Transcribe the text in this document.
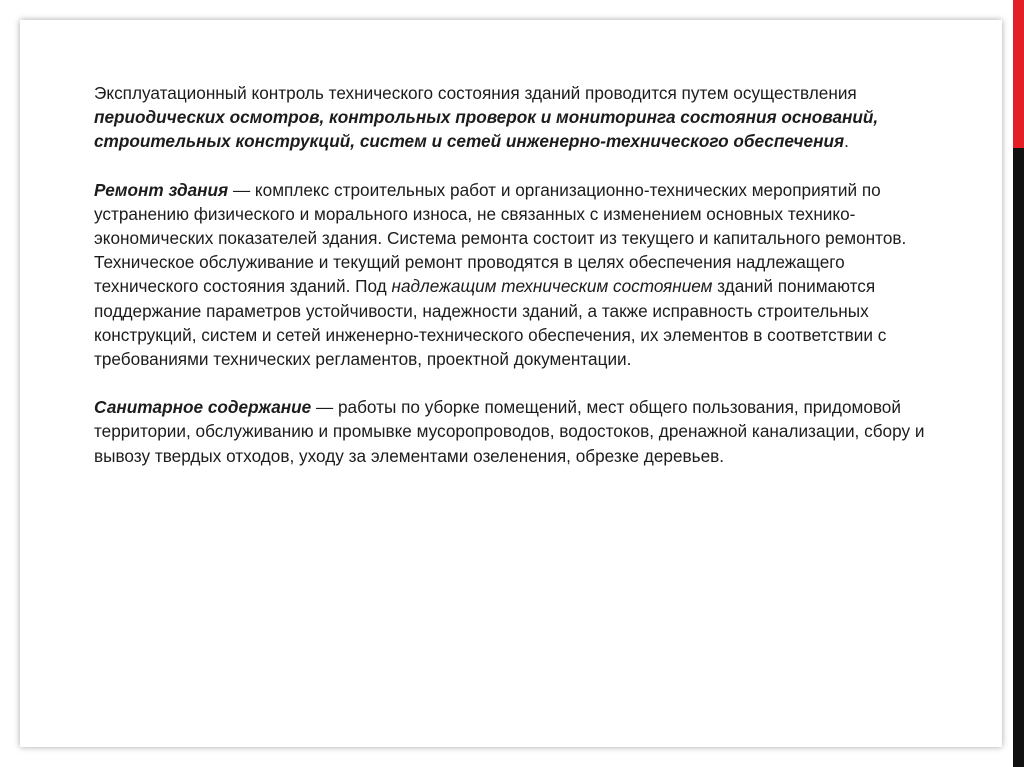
Эксплуатационный контроль технического состояния зданий проводится путем осуществления периодических осмотров, контрольных проверок и мониторинга состояния оснований, строительных конструкций, систем и сетей инженерно-технического обеспечения.

Ремонт здания — комплекс строительных работ и организационно-технических мероприятий по устранению физического и морального износа, не связанных с изменением основных технико-экономических показателей здания. Система ремонта состоит из текущего и капитального ремонтов.

Техническое обслуживание и текущий ремонт проводятся в целях обеспечения надлежащего технического состояния зданий. Под надлежащим техническим состоянием зданий понимаются поддержание параметров устойчивости, надежности зданий, а также исправность строительных конструкций, систем и сетей инженерно-технического обеспечения, их элементов в соответствии с требованиями технических регламентов, проектной документации.

Санитарное содержание — работы по уборке помещений, мест общего пользования, придомовой территории, обслуживанию и промывке мусоропроводов, водостоков, дренажной канализации, сбору и вывозу твердых отходов, уходу за элементами озеленения, обрезке деревьев.
